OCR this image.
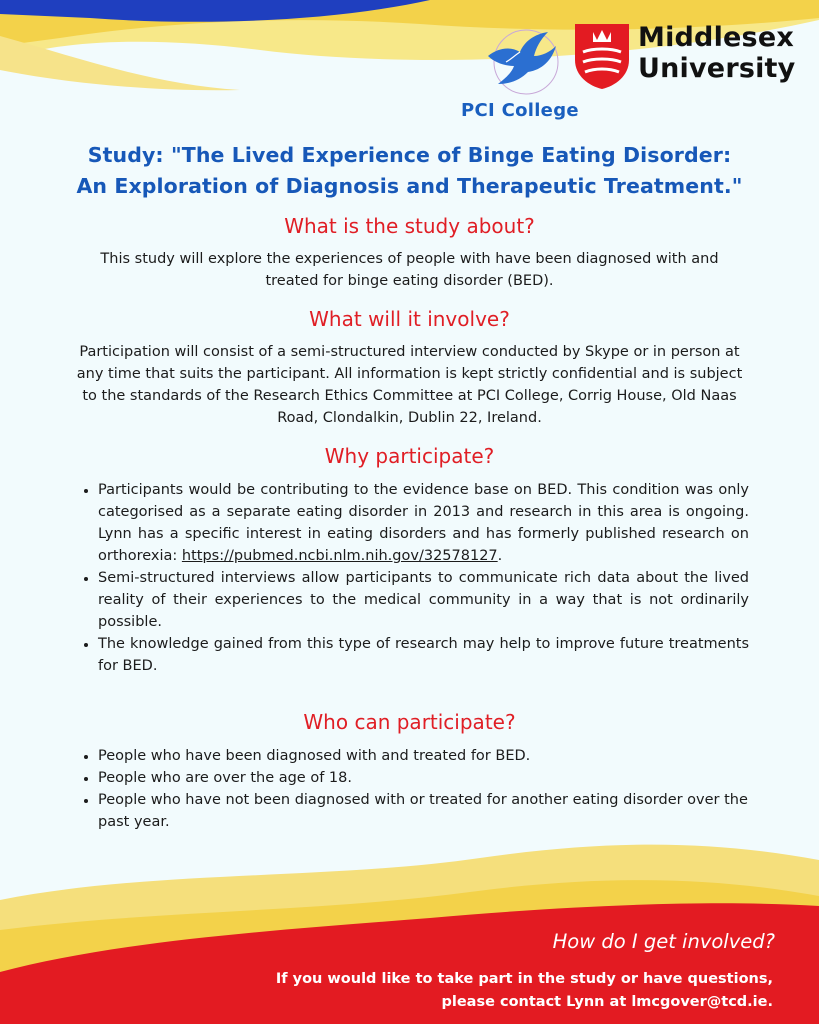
PCI College
Middlesex
University
Study: "The Lived Experience of Binge Eating Disorder:
An Exploration of Diagnosis and Therapeutic Treatment."
What is the study about?

This study will explore the experiences of people with have been diagnosed with and treated for binge eating disorder (BED).

What will it involve?

Participation will consist of a semi-structured interview conducted by Skype or in person at any time that suits the participant. All information is kept strictly confidential and is subject to the standards of the Research Ethics Committee at PCI College, Corrig House, Old Naas Road, Clondalkin, Dublin 22, Ireland.

Why participate?
• Participants would be contributing to the evidence base on BED. This condition was only categorised as a separate eating disorder in 2013 and research in this area is ongoing. Lynn has a specific interest in eating disorders and has formerly published research on orthorexia: https://pubmed.ncbi.nlm.nih.gov/32578127.
• Semi-structured interviews allow participants to communicate rich data about the lived reality of their experiences to the medical community in a way that is not ordinarily possible.
• The knowledge gained from this type of research may help to improve future treatments for BED.
Who can participate?
• People who have been diagnosed with and treated for BED.
• People who are over the age of 18.
• People who have not been diagnosed with or treated for another eating disorder over the past year.
How do I get involved?
If you would like to take part in the study or have questions,
please contact Lynn at lmcgover@tcd.ie.
